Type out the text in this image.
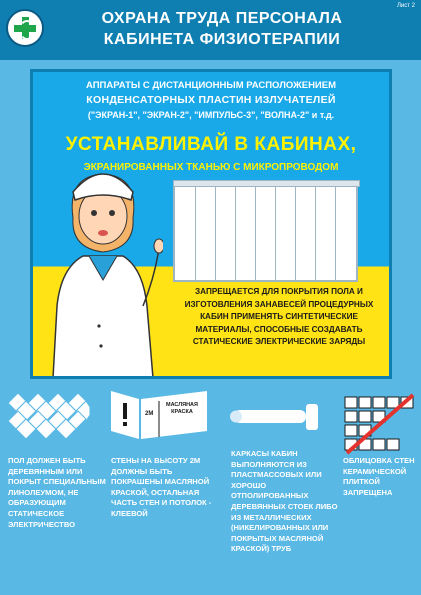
ОХРАНА ТРУДА ПЕРСОНАЛА
КАБИНЕТА ФИЗИОТЕРАПИИ
Лист 2
АППАРАТЫ С ДИСТАНЦИОННЫМ РАСПОЛОЖЕНИЕМ
КОНДЕНСАТОРНЫХ ПЛАСТИН ИЗЛУЧАТЕЛЕЙ
("ЭКРАН-1", "ЭКРАН-2", "ИМПУЛЬС-3", "ВОЛНА-2" и т.д.
УСТАНАВЛИВАЙ В КАБИНАХ,
ЭКРАНИРОВАННЫХ ТКАНЬЮ С МИКРОПРОВОДОМ
ЗАПРЕЩАЕТСЯ ДЛЯ ПОКРЫТИЯ ПОЛА И ИЗГОТОВЛЕНИЯ ЗАНАВЕСЕЙ ПРОЦЕДУРНЫХ КАБИН ПРИМЕНЯТЬ СИНТЕТИЧЕСКИЕ МАТЕРИАЛЫ, СПОСОБНЫЕ СОЗДАВАТЬ СТАТИЧЕСКИЕ ЭЛЕКТРИЧЕСКИЕ ЗАРЯДЫ
ПОЛ ДОЛЖЕН БЫТЬ ДЕРЕВЯННЫМ ИЛИ ПОКРЫТ СПЕЦИАЛЬНЫМ ЛИНОЛЕУМОМ, НЕ ОБРАЗУЮЩИМ СТАТИЧЕСКОЕ ЭЛЕКТРИЧЕСТВО
2М
МАСЛЯНАЯ КРАСКА
СТЕНЫ НА ВЫСОТУ 2М ДОЛЖНЫ БЫТЬ ПОКРАШЕНЫ МАСЛЯНОЙ КРАСКОЙ, ОСТАЛЬНАЯ ЧАСТЬ СТЕН И ПОТОЛОК - КЛЕЕВОЙ
КАРКАСЫ КАБИН ВЫПОЛНЯЮТСЯ ИЗ ПЛАСТМАССОВЫХ ИЛИ ХОРОШО ОТПОЛИРОВАННЫХ ДЕРЕВЯННЫХ СТОЕК ЛИБО ИЗ МЕТАЛЛИЧЕСКИХ (НИКЕЛИРОВАННЫХ ИЛИ ПОКРЫТЫХ МАСЛЯНОЙ КРАСКОЙ) ТРУБ
ОБЛИЦОВКА СТЕН КЕРАМИЧЕСКОЙ ПЛИТКОЙ ЗАПРЕЩЕНА
